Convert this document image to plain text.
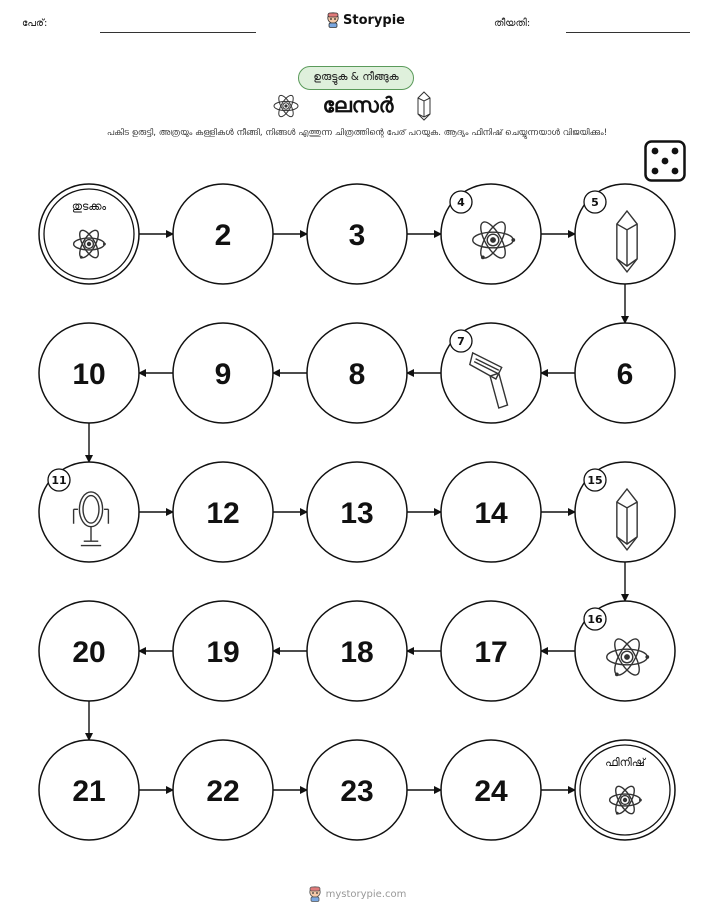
പേര്:	Storypie	തീയതി:
ഉരുട്ടുക & നീങ്ങുക
ലേസർ
പകിട ഉരുട്ടി, അത്രയും കള്ളികൾ നീങ്ങി, നിങ്ങൾ എത്തുന്ന ചിത്രത്തിന്റെ പേര് പറയുക. ആദ്യം ഫിനിഷ് ചെയ്യുന്നയാൾ വിജയിക്കും!
തുടക്കം
2	3
4	5
6
7
8
9
10
11
12	13	14
15
16
17
18
19
20
21	22	23	24
ഫിനിഷ്
mystorypie.com
